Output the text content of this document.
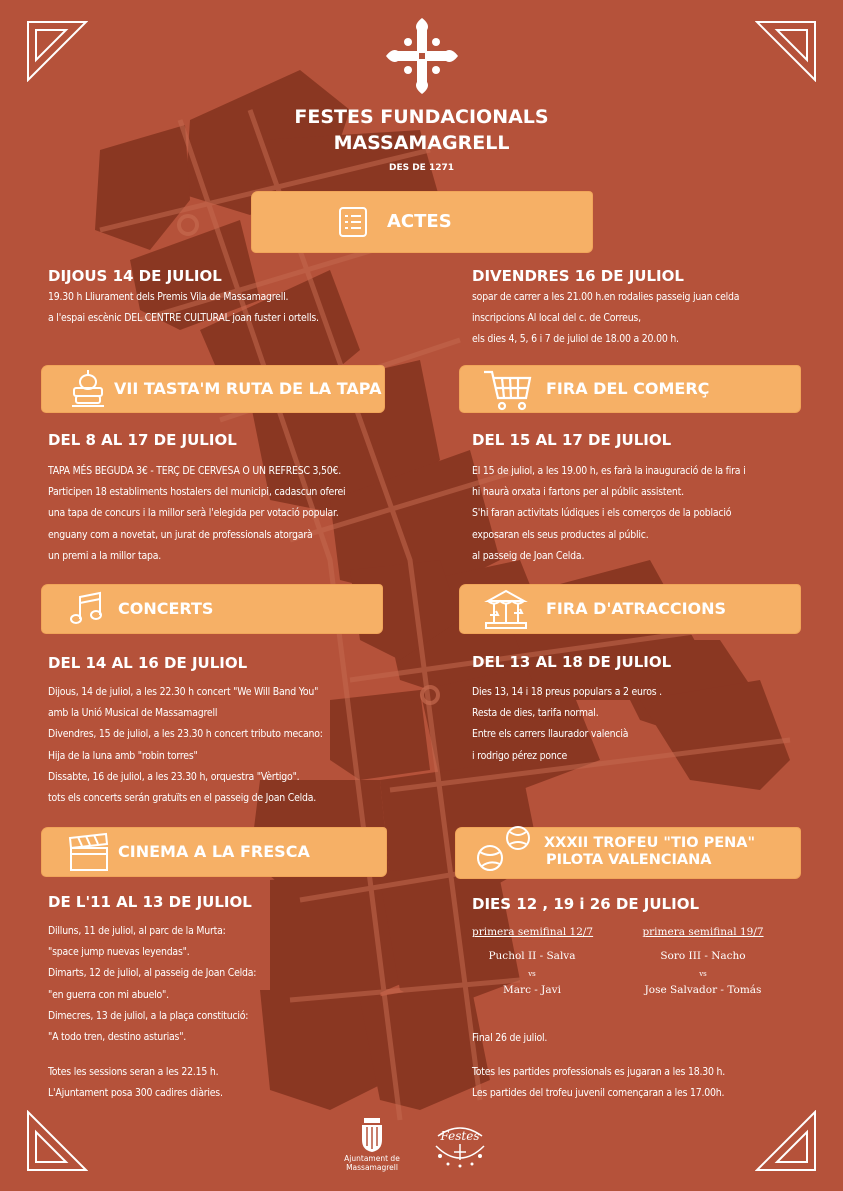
FESTES FUNDACIONALS
MASSAMAGRELL
DES DE 1271
ACTES
DIJOUS 14 DE JULIOL
19.30 h Lliurament dels Premis Vila de Massamagrell.
a l'espai escènic DEL CENTRE CULTURAL joan fuster i ortells.
DIVENDRES 16 DE JULIOL
sopar de carrer a les 21.00 h.en rodalies passeig juan celda
inscripcions Al local del c. de Correus,
els dies 4, 5, 6 i 7 de juliol de 18.00 a 20.00 h.
VII TASTA'M RUTA DE LA TAPA
DEL 8 AL 17 DE JULIOL
TAPA MÉS BEGUDA 3€ - TERÇ DE CERVESA O UN REFRESC 3,50€.
Participen 18 establiments hostalers del municipi, cadascun oferei
una tapa de concurs i la millor serà l'elegida per votació popular.
enguany com a novetat, un jurat de professionals atorgarà
un premi a la millor tapa.
FIRA DEL COMERÇ
DEL 15 AL 17 DE JULIOL
El 15 de juliol, a les 19.00 h, es farà la inauguració de la fira i
hi haurà orxata i fartons per al públic assistent.
S'hi faran activitats lúdiques i els comerços de la població
exposaran els seus productes al públic.
al passeig de Joan Celda.
CONCERTS
DEL 14 AL 16 DE JULIOL
Dijous, 14 de juliol, a les 22.30 h concert "We Will Band You"
amb la Unió Musical de Massamagrell
Divendres, 15 de juliol, a les 23.30 h concert tributo mecano:
Hija de la luna amb "robin torres"
Dissabte, 16 de juliol, a les 23.30 h, orquestra "Vèrtigo".
tots els concerts serán gratuïts en el passeig de Joan Celda.
FIRA D'ATRACCIONS
DEL 13 AL 18 DE JULIOL
Dies 13, 14 i 18 preus populars a 2 euros .
Resta de dies, tarifa normal.
Entre els carrers llaurador valencià
i rodrigo pérez ponce
CINEMA A LA FRESCA
DE L'11 AL 13 DE JULIOL
Dilluns, 11 de juliol, al parc de la Murta:
"space jump nuevas leyendas".
Dimarts, 12 de juliol, al passeig de Joan Celda:
"en guerra con mi abuelo".
Dimecres, 13 de juliol, a la plaça constitució:
"A todo tren, destino asturias".
Totes les sessions seran a les 22.15 h.
L'Ajuntament posa 300 cadires diàries.
XXXII TROFEU "TIO PENA"
PILOTA VALENCIANA
DIES 12 , 19 i 26 DE JULIOL
primera semifinal 12/7
Puchol II - Salva
vs
Marc - Javi
primera semifinal 19/7
Soro III - Nacho
vs
Jose Salvador - Tomás
Final 26 de juliol.
Totes les partides professionals es jugaran a les 18.30 h.
Les partides del trofeu juvenil començaran a les 17.00h.
Ajuntament de
Massamagrell
Festes
